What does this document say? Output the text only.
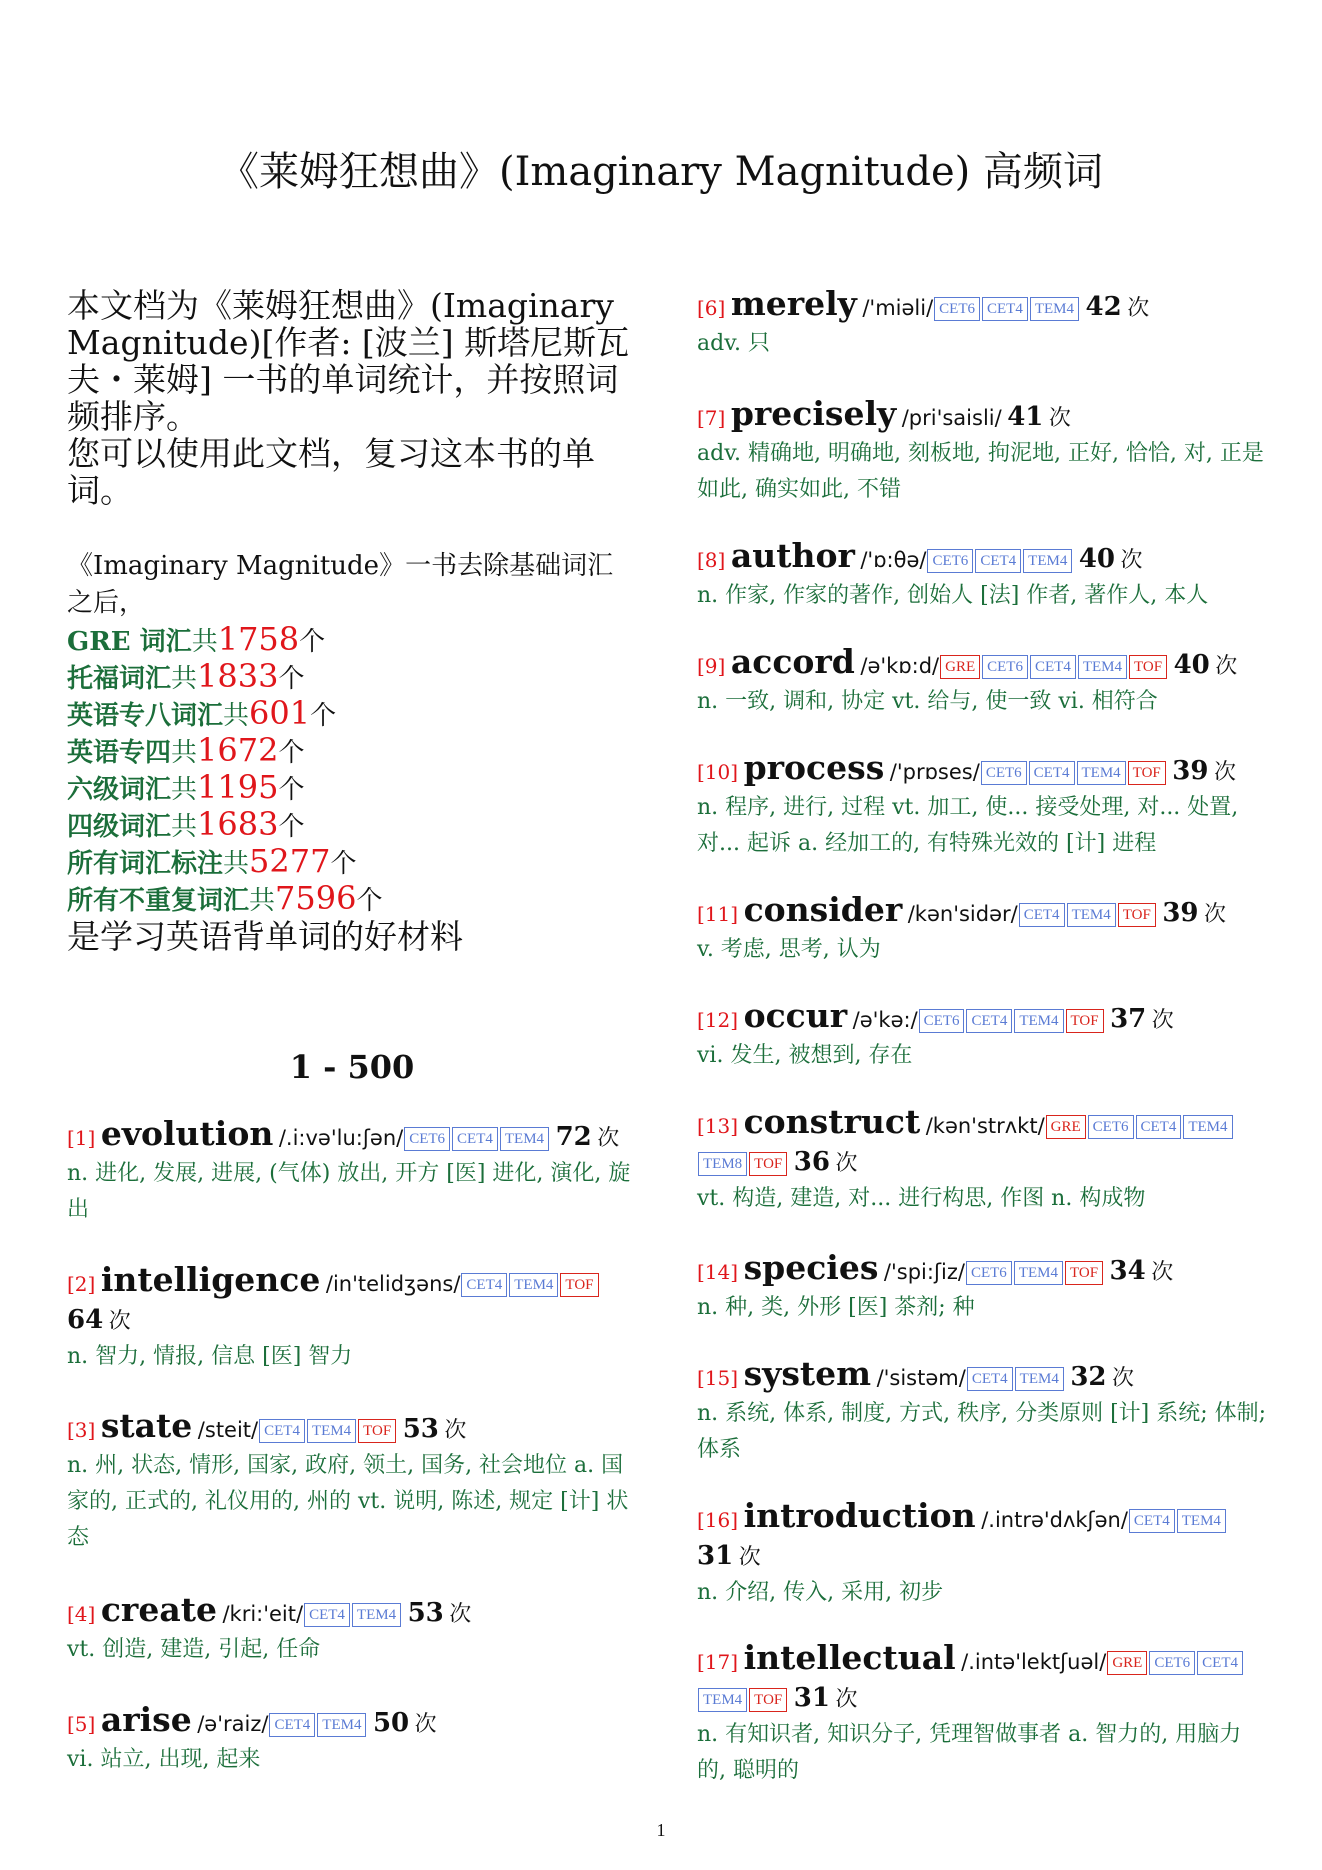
《莱姆狂想曲》(Imaginary Magnitude) 高频词

本文档为《莱姆狂想曲》(Imaginary Magnitude)[作者: [波兰] 斯塔尼斯瓦夫・莱姆] 一书的单词统计，并按照词频排序。

您可以使用此文档，复习这本书的单词。

《Imaginary Magnitude》一书去除基础词汇之后，
GRE 词汇共1758个
托福词汇共1833个
英语专八词汇共601个
英语专四共1672个
六级词汇共1195个
四级词汇共1683个
所有词汇标注共5277个
所有不重复词汇共7596个
是学习英语背单词的好材料
1 - 500
[1] evolution /.i:və'lu:ʃən/ CET6 CET4 TEM4 72 次
n. 进化, 发展, 进展, (气体) 放出, 开方 [医] 进化, 演化, 旋出
[2] intelligence /in'telidʒəns/ CET4 TEM4 TOF 64 次
n. 智力, 情报, 信息 [医] 智力
[3] state /steit/ CET4 TEM4 TOF 53 次
n. 州, 状态, 情形, 国家, 政府, 领土, 国务, 社会地位 a. 国家的, 正式的, 礼仪用的, 州的 vt. 说明, 陈述, 规定 [计] 状态
[4] create /kri:'eit/ CET4 TEM4 53 次
vt. 创造, 建造, 引起, 任命
[5] arise /ə'raiz/ CET4 TEM4 50 次
vi. 站立, 出现, 起来
[6] merely /'miəli/ CET6 CET4 TEM4 42 次
adv. 只
[7] precisely /pri'saisli/ 41 次
adv. 精确地, 明确地, 刻板地, 拘泥地, 正好, 恰恰, 对, 正是如此, 确实如此, 不错
[8] author /'ɒ:θə/ CET6 CET4 TEM4 40 次
n. 作家, 作家的著作, 创始人 [法] 作者, 著作人, 本人
[9] accord /ə'kɒ:d/ GRE CET6 CET4 TEM4 TOF 40 次
n. 一致, 调和, 协定 vt. 给与, 使一致 vi. 相符合
[10] process /'prɒses/ CET6 CET4 TEM4 TOF 39 次
n. 程序, 进行, 过程 vt. 加工, 使... 接受处理, 对... 处置, 对... 起诉 a. 经加工的, 有特殊光效的 [计] 进程
[11] consider /kən'sidər/ CET4 TEM4 TOF 39 次
v. 考虑, 思考, 认为
[12] occur /ə'kə:/ CET6 CET4 TEM4 TOF 37 次
vi. 发生, 被想到, 存在
[13] construct /kən'strʌkt/ GRE CET6 CET4 TEM4TEM8 TOF 36 次
vt. 构造, 建造, 对... 进行构思, 作图 n. 构成物
[14] species /'spi:ʃiz/ CET6 TEM4 TOF 34 次
n. 种, 类, 外形 [医] 茶剂; 种
[15] system /'sistəm/ CET4 TEM4 32 次
n. 系统, 体系, 制度, 方式, 秩序, 分类原则 [计] 系统; 体制; 体系
[16] introduction /.intrə'dʌkʃən/ CET4 TEM4 31 次
n. 介绍, 传入, 采用, 初步
[17] intellectual /.intə'lektʃuəl/ GRE CET6 CET4TEM4 TOF 31 次
n. 有知识者, 知识分子, 凭理智做事者 a. 智力的, 用脑力的, 聪明的
1
